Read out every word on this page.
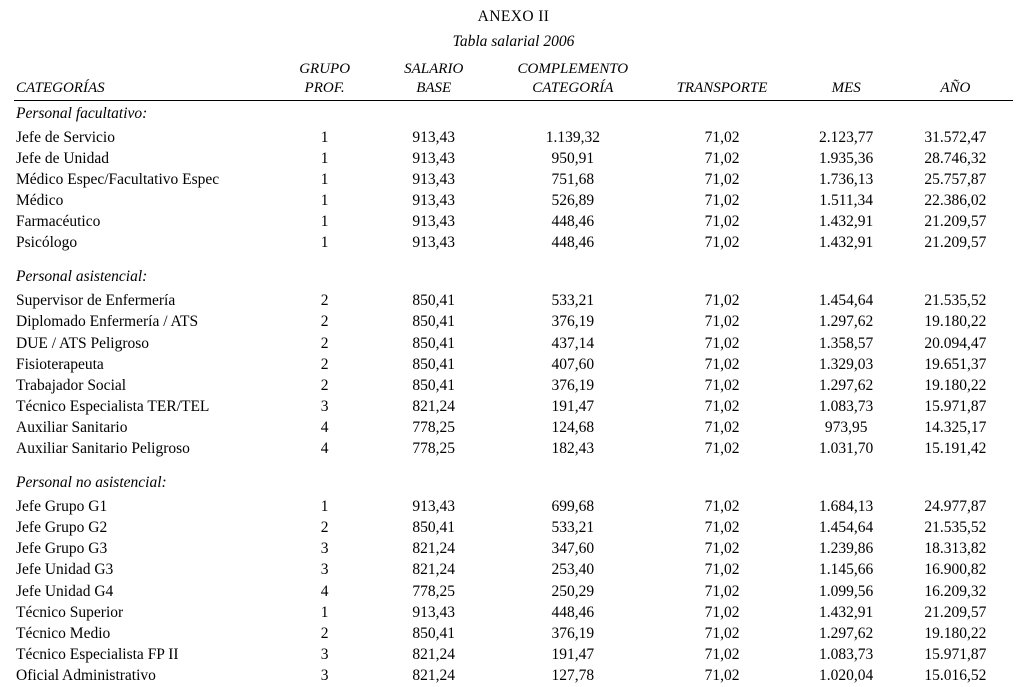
ANEXO II
Tabla salarial 2006
	GRUPO	SALARIO	COMPLEMENTO			
CATEGORÍAS	PROF.	BASE	CATEGORÍA	TRANSPORTE	MES	AÑO
Personal facultativo:						
Jefe de Servicio	1	913,43	1.139,32	71,02	2.123,77	31.572,47
Jefe de Unidad	1	913,43	950,91	71,02	1.935,36	28.746,32
Médico Espec/Facultativo Espec	1	913,43	751,68	71,02	1.736,13	25.757,87
Médico	1	913,43	526,89	71,02	1.511,34	22.386,02
Farmacéutico	1	913,43	448,46	71,02	1.432,91	21.209,57
Psicólogo	1	913,43	448,46	71,02	1.432,91	21.209,57

Personal asistencial:						
Supervisor de Enfermería	2	850,41	533,21	71,02	1.454,64	21.535,52
Diplomado Enfermería / ATS	2	850,41	376,19	71,02	1.297,62	19.180,22
DUE / ATS Peligroso	2	850,41	437,14	71,02	1.358,57	20.094,47
Fisioterapeuta	2	850,41	407,60	71,02	1.329,03	19.651,37
Trabajador Social	2	850,41	376,19	71,02	1.297,62	19.180,22
Técnico Especialista TER/TEL	3	821,24	191,47	71,02	1.083,73	15.971,87
Auxiliar Sanitario	4	778,25	124,68	71,02	973,95	14.325,17
Auxiliar Sanitario Peligroso	4	778,25	182,43	71,02	1.031,70	15.191,42

Personal no asistencial:						
Jefe Grupo G1	1	913,43	699,68	71,02	1.684,13	24.977,87
Jefe Grupo G2	2	850,41	533,21	71,02	1.454,64	21.535,52
Jefe Grupo G3	3	821,24	347,60	71,02	1.239,86	18.313,82
Jefe Unidad G3	3	821,24	253,40	71,02	1.145,66	16.900,82
Jefe Unidad G4	4	778,25	250,29	71,02	1.099,56	16.209,32
Técnico Superior	1	913,43	448,46	71,02	1.432,91	21.209,57
Técnico Medio	2	850,41	376,19	71,02	1.297,62	19.180,22
Técnico Especialista FP II	3	821,24	191,47	71,02	1.083,73	15.971,87
Oficial Administrativo	3	821,24	127,78	71,02	1.020,04	15.016,52
